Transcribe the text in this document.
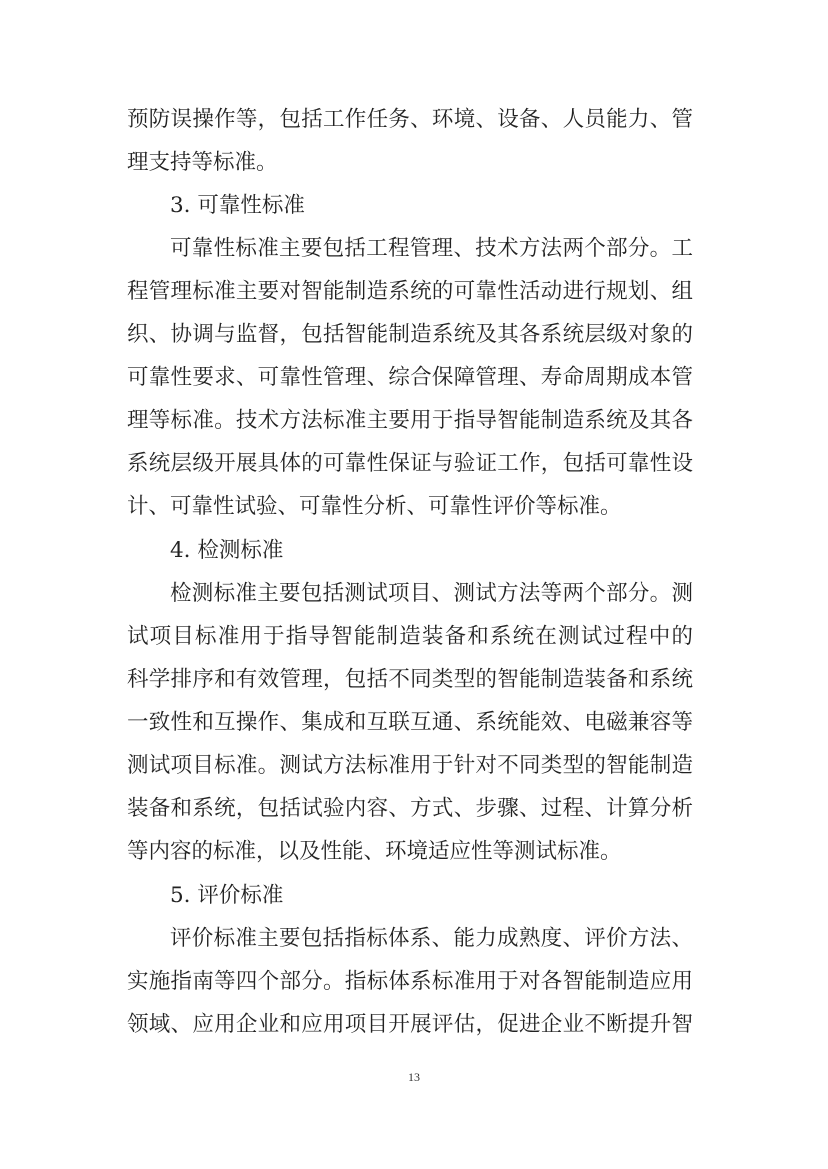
预防误操作等，包括工作任务、环境、设备、人员能力、管
理支持等标准。
3. 可靠性标准
可靠性标准主要包括工程管理、技术方法两个部分。工
程管理标准主要对智能制造系统的可靠性活动进行规划、组
织、协调与监督，包括智能制造系统及其各系统层级对象的
可靠性要求、可靠性管理、综合保障管理、寿命周期成本管
理等标准。技术方法标准主要用于指导智能制造系统及其各
系统层级开展具体的可靠性保证与验证工作，包括可靠性设
计、可靠性试验、可靠性分析、可靠性评价等标准。
4. 检测标准
检测标准主要包括测试项目、测试方法等两个部分。测
试项目标准用于指导智能制造装备和系统在测试过程中的
科学排序和有效管理，包括不同类型的智能制造装备和系统
一致性和互操作、集成和互联互通、系统能效、电磁兼容等
测试项目标准。测试方法标准用于针对不同类型的智能制造
装备和系统，包括试验内容、方式、步骤、过程、计算分析
等内容的标准，以及性能、环境适应性等测试标准。
5. 评价标准
评价标准主要包括指标体系、能力成熟度、评价方法、
实施指南等四个部分。指标体系标准用于对各智能制造应用
领域、应用企业和应用项目开展评估，促进企业不断提升智
13
